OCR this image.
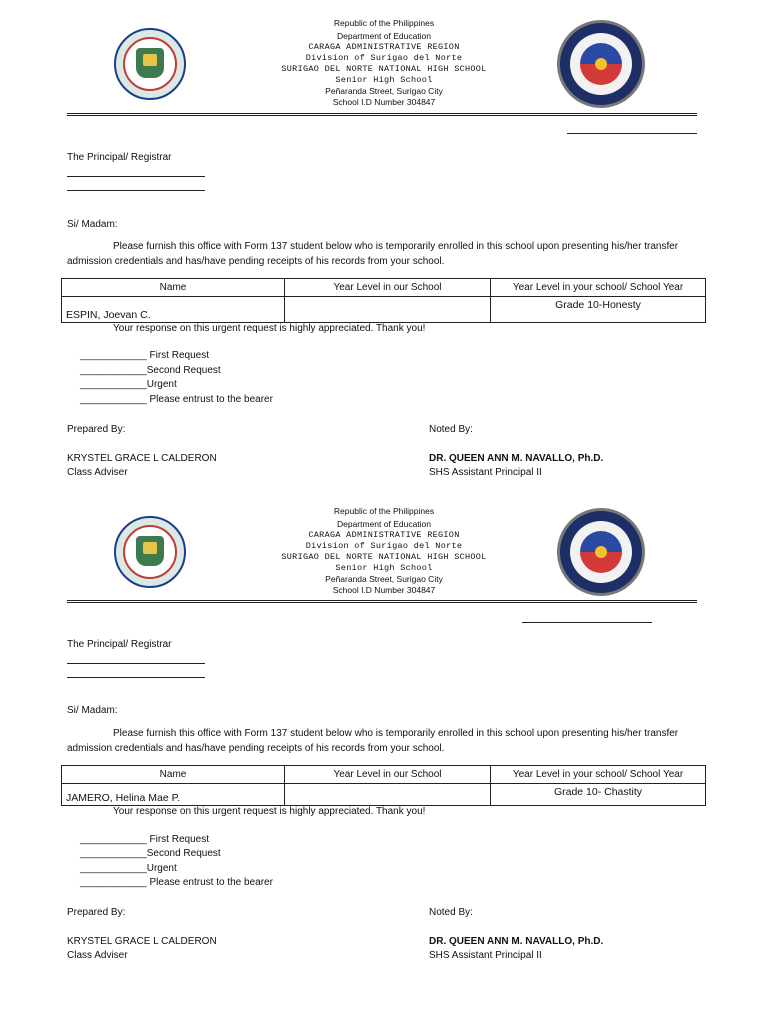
Republic of the Philippines
Department of Education
CARAGA ADMINISTRATIVE REGION
Division of Surigao del Norte
SURIGAO DEL NORTE NATIONAL HIGH SCHOOL
Senior High School
Peñaranda Street, Surigao City
School I.D Number 304847
The Principal/ Registrar
Si/ Madam:
Please furnish this office with Form 137 student below who is temporarily enrolled in this school upon presenting his/her transfer admission credentials and has/have pending receipts of his records from your school.
Name	Year Level in our School	Year Level in your school/ School Year
ESPIN, Joevan C.		Grade 10-Honesty
Your response on this urgent request is highly appreciated. Thank you!
____________ First Request
____________Second Request
____________Urgent
____________ Please entrust to the bearer
Prepared By:	Noted By:
KRYSTEL GRACE L CALDERON	DR. QUEEN ANN M. NAVALLO, Ph.D.
Class Adviser	SHS Assistant Principal II
Republic of the Philippines
Department of Education
CARAGA ADMINISTRATIVE REGION
Division of Surigao del Norte
SURIGAO DEL NORTE NATIONAL HIGH SCHOOL
Senior High School
Peñaranda Street, Surigao City
School I.D Number 304847
The Principal/ Registrar
Si/ Madam:
Please furnish this office with Form 137 student below who is temporarily enrolled in this school upon presenting his/her transfer admission credentials and has/have pending receipts of his records from your school.
Name	Year Level in our School	Year Level in your school/ School Year
JAMERO, Helina Mae P.		Grade 10- Chastity
Your response on this urgent request is highly appreciated. Thank you!
____________ First Request
____________Second Request
____________Urgent
____________ Please entrust to the bearer
Prepared By:	Noted By:
KRYSTEL GRACE L CALDERON	DR. QUEEN ANN M. NAVALLO, Ph.D.
Class Adviser	SHS Assistant Principal II
